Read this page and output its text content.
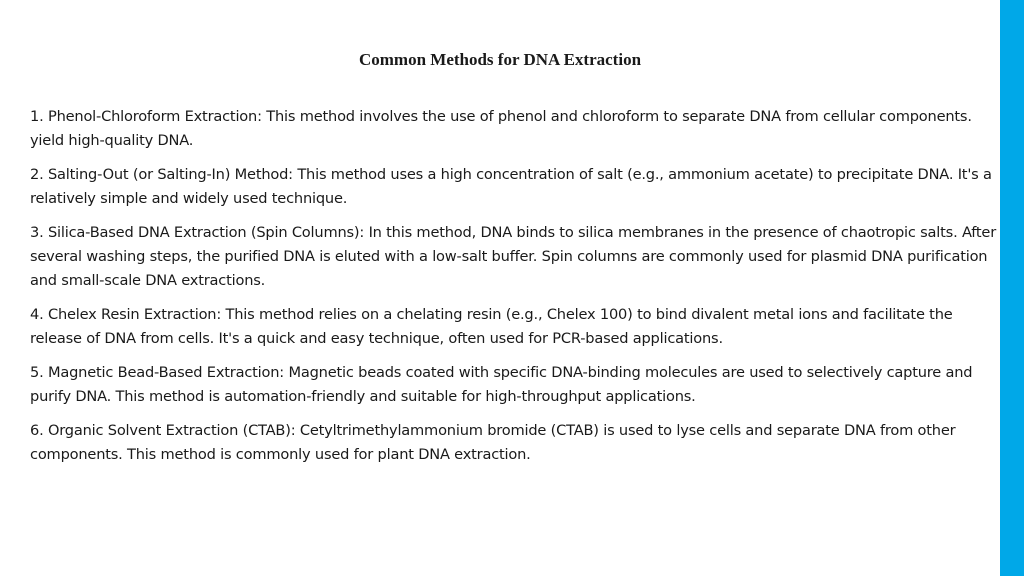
Common Methods for DNA Extraction

1. Phenol-Chloroform Extraction: This method involves the use of phenol and chloroform to separate DNA from cellular components. yield high-quality DNA.

2. Salting-Out (or Salting-In) Method: This method uses a high concentration of salt (e.g., ammonium acetate) to precipitate DNA. It's a relatively simple and widely used technique.

3. Silica-Based DNA Extraction (Spin Columns): In this method, DNA binds to silica membranes in the presence of chaotropic salts. After several washing steps, the purified DNA is eluted with a low-salt buffer. Spin columns are commonly used for plasmid DNA purification and small-scale DNA extractions.

4. Chelex Resin Extraction: This method relies on a chelating resin (e.g., Chelex 100) to bind divalent metal ions and facilitate the release of DNA from cells. It's a quick and easy technique, often used for PCR-based applications.

5. Magnetic Bead-Based Extraction: Magnetic beads coated with specific DNA-binding molecules are used to selectively capture and purify DNA. This method is automation-friendly and suitable for high-throughput applications.

6. Organic Solvent Extraction (CTAB): Cetyltrimethylammonium bromide (CTAB) is used to lyse cells and separate DNA from other components. This method is commonly used for plant DNA extraction.
